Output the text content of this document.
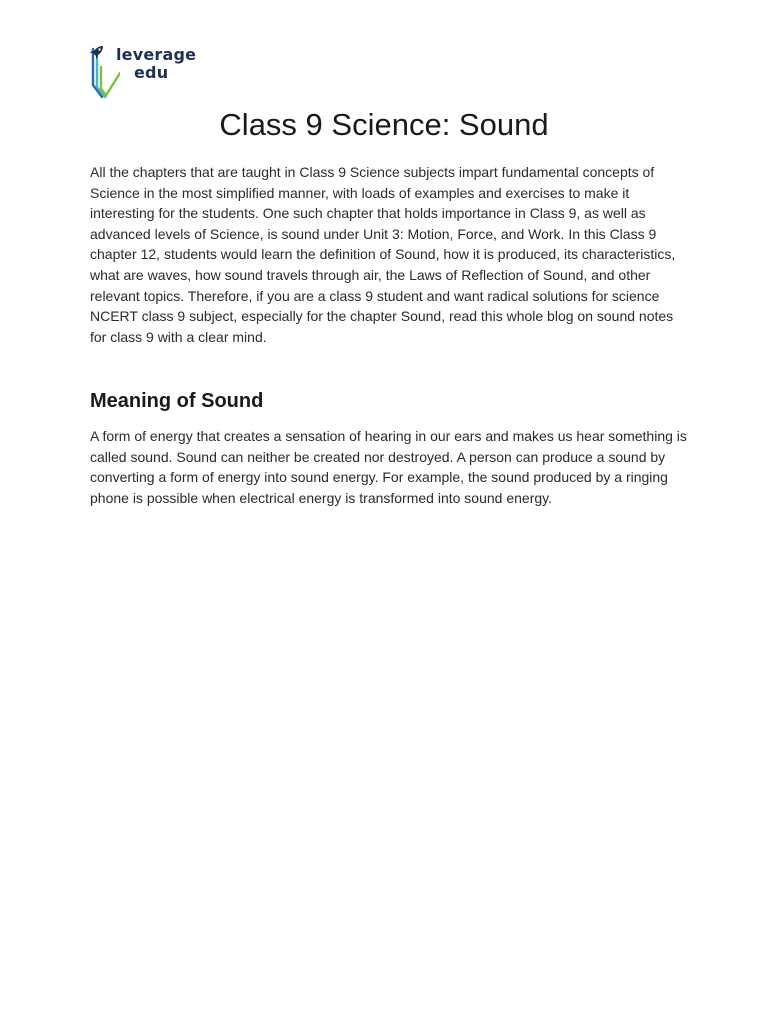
leverage
edu
Class 9 Science: Sound

All the chapters that are taught in Class 9 Science subjects impart fundamental concepts of Science in the most simplified manner, with loads of examples and exercises to make it interesting for the students. One such chapter that holds importance in Class 9, as well as advanced levels of Science, is sound under Unit 3: Motion, Force, and Work. In this Class 9 chapter 12, students would learn the definition of Sound, how it is produced, its characteristics, what are waves, how sound travels through air, the Laws of Reflection of Sound, and other relevant topics. Therefore, if you are a class 9 student and want radical solutions for science NCERT class 9 subject, especially for the chapter Sound, read this whole blog on sound notes for class 9 with a clear mind.

Meaning of Sound

A form of energy that creates a sensation of hearing in our ears and makes us hear something is called sound. Sound can neither be created nor destroyed. A person can produce a sound by converting a form of energy into sound energy. For example, the sound produced by a ringing phone is possible when electrical energy is transformed into sound energy.
